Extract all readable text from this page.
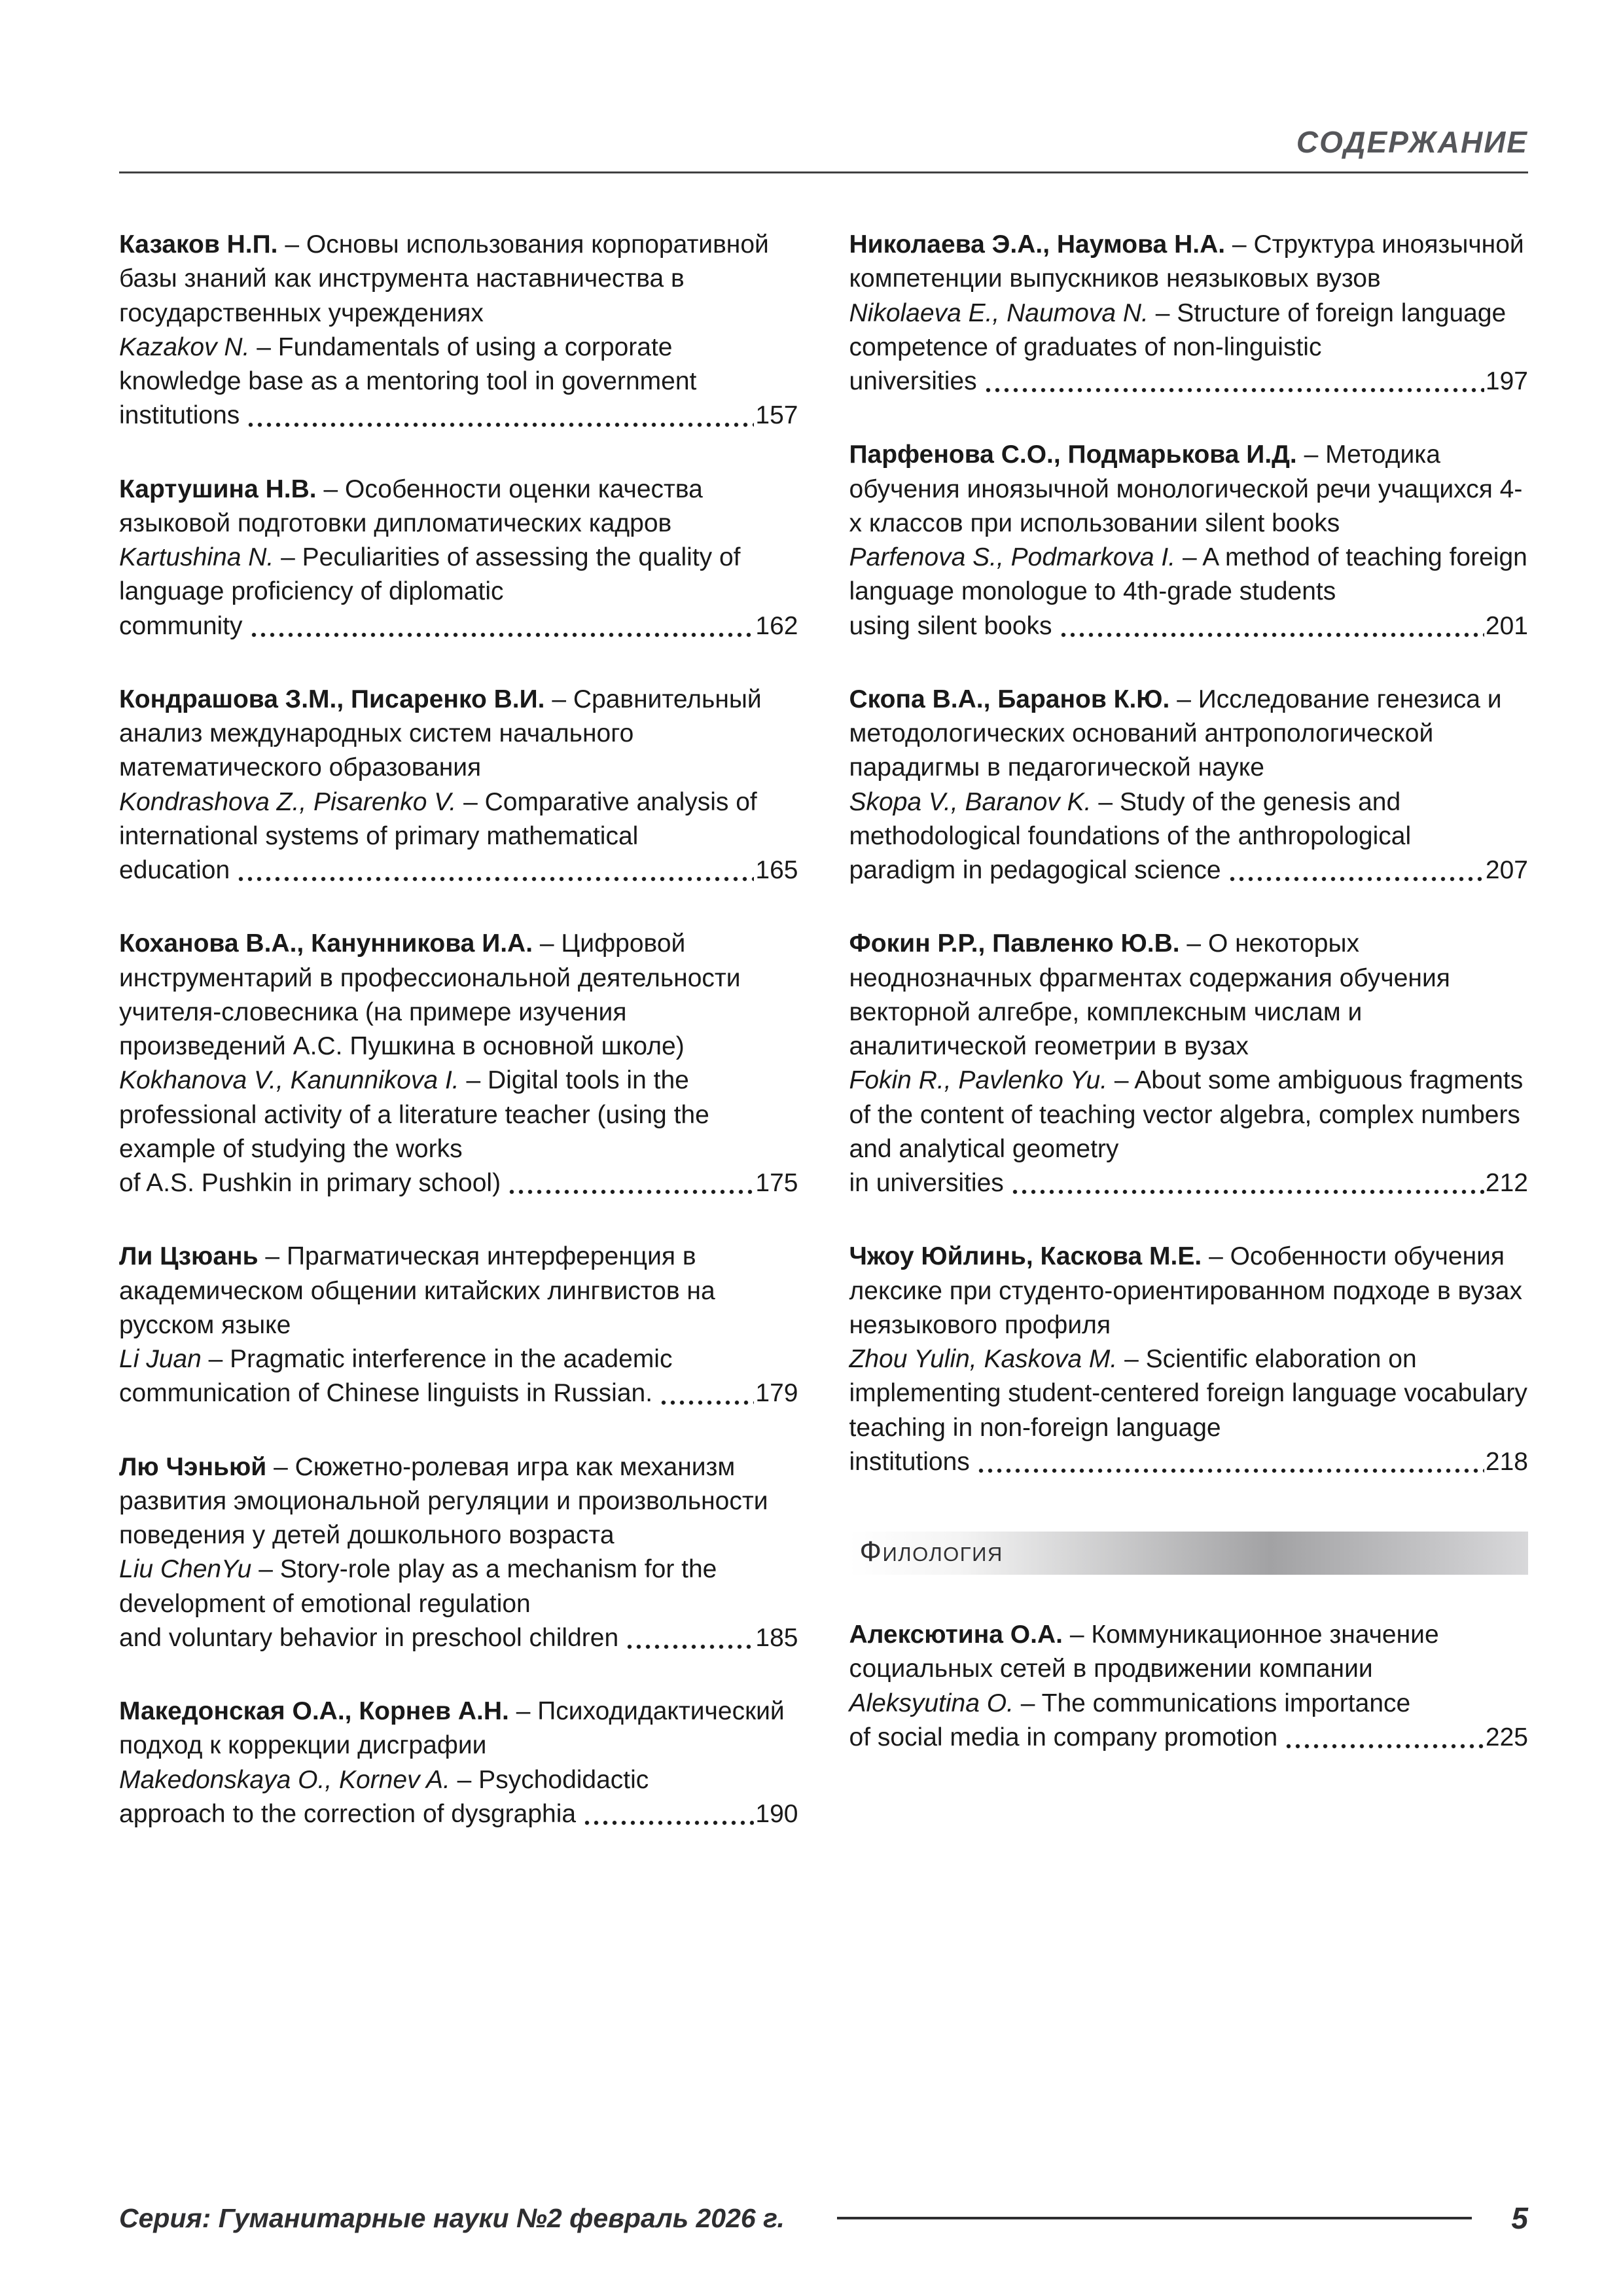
СОДЕРЖАНИЕ

Казаков Н.П. – Основы использования корпоративной базы знаний как инструмента наставничества в государственных учреждениях

Kazakov N. – Fundamentals of using a corporate knowledge base as a mentoring tool in government

institutions	157

Картушина Н.В. – Особенности оценки качества языковой подготовки дипломатических кадров

Kartushina N. – Peculiarities of assessing the quality of language proficiency of diplomatic

community	162

Кондрашова З.М., Писаренко В.И. – Сравнительный анализ международных систем начального математического образования

Kondrashova Z., Pisarenko V. – Comparative analysis of international systems of primary mathematical

education	165

Коханова В.А., Канунникова И.А. – Цифровой инструментарий в профессиональной деятельности учителя-словесника (на примере изучения произведений А.С. Пушкина в основной школе)

Kokhanova V., Kanunnikova I. – Digital tools in the professional activity of a literature teacher (using the example of studying the works

of A.S. Pushkin in primary school)	175

Ли Цзюань – Прагматическая интерференция в академическом общении китайских лингвистов на русском языке

Li Juan – Pragmatic interference in the academic

communication of Chinese linguists in Russian.	179

Лю Чэньюй – Сюжетно-ролевая игра как механизм развития эмоциональной регуляции и произвольности поведения у детей дошкольного возраста

Liu ChenYu – Story-role play as a mechanism for the development of emotional regulation

and voluntary behavior in preschool children	185

Македонская О.А., Корнев А.Н. – Психодидактический подход к коррекции дисграфии

Makedonskaya O., Kornev A. – Psychodidactic

approach to the correction of dysgraphia	190

Николаева Э.А., Наумова Н.А. – Структура иноязычной компетенции выпускников неязыковых вузов

Nikolaeva E., Naumova N. – Structure of foreign language competence of graduates of non-linguistic

universities	197

Парфенова С.О., Подмарькова И.Д. – Методика обучения иноязычной монологической речи учащихся 4-х классов при использовании silent books

Parfenova S., Podmarkova I. – A method of teaching foreign language monologue to 4th-grade students

using silent books	201

Скопа В.А., Баранов К.Ю. – Исследование генезиса и методологических оснований антропологической парадигмы в педагогической науке

Skopa V., Baranov K. – Study of the genesis and methodological foundations of the anthropological

paradigm in pedagogical science	207

Фокин Р.Р., Павленко Ю.В. – О некоторых неоднозначных фрагментах содержания обучения векторной алгебре, комплексным числам и аналитической геометрии в вузах

Fokin R., Pavlenko Yu. – About some ambiguous fragments of the content of teaching vector algebra, complex numbers and analytical geometry

in universities	212

Чжоу Юйлинь, Каскова М.Е. – Особенности обучения лексике при студенто-ориентированном подходе в вузах неязыкового профиля

Zhou Yulin, Kaskova M. – Scientific elaboration on implementing student-centered foreign language vocabulary teaching in non-foreign language

institutions	218
Филология

Алексютина О.А. – Коммуникационное значение социальных сетей в продвижении компании

Aleksyutina O. – The communications importance

of social media in company promotion	225
Серия: Гуманитарные науки №2 февраль 2026 г.	5
